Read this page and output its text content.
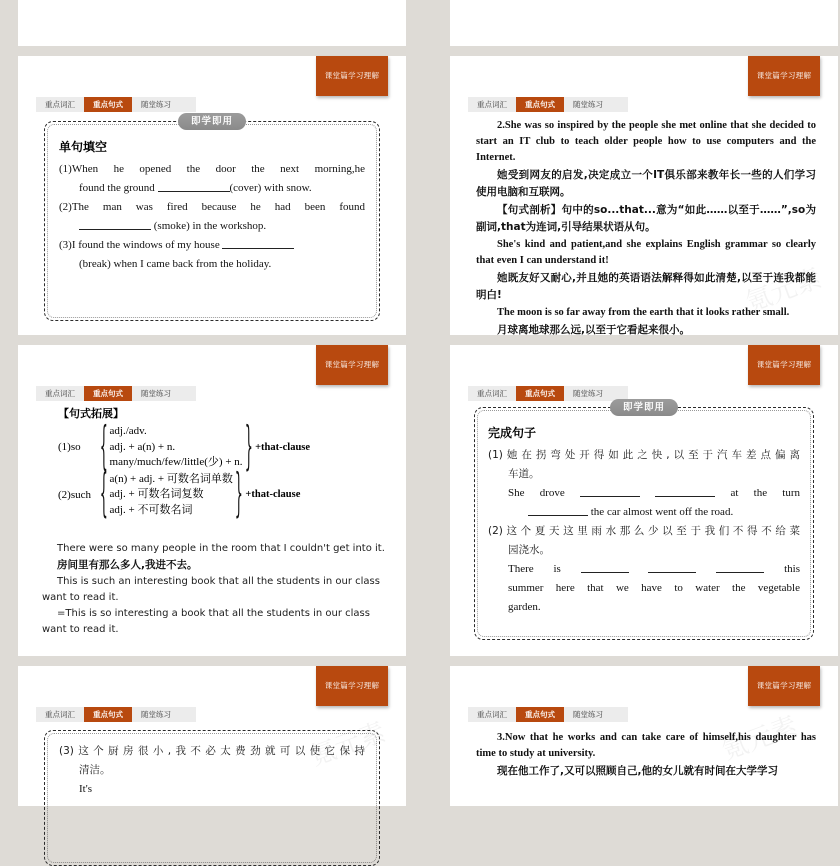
课堂篇学习理解
重点词汇	重点句式	随堂练习
即学即用
单句填空
(1)When he opened the door the next morning,he
found the ground	(cover) with snow.
(2)The man was fired because he had been found
(smoke) in the workshop.
(3)I found the windows of my house
(break) when I came back from the holiday.
课堂篇学习理解
重点词汇	重点句式	随堂练习
氪元素
2.She was so inspired by the people she met online that she decided to start an IT club to teach older people how to use computers and the Internet.
她受到网友的启发,决定成立一个IT俱乐部来教年长一些的人们学习使用电脑和互联网。
【句式剖析】句中的so...that...意为“如此……以至于……”,so为副词,that为连词,引导结果状语从句。
She's kind and patient,and she explains English grammar so clearly that even I can understand it!
她既友好又耐心,并且她的英语语法解释得如此清楚,以至于连我都能明白!
The moon is so far away from the earth that it looks rather small.
月球离地球那么远,以至于它看起来很小。
课堂篇学习理解
重点词汇	重点句式	随堂练习
【句式拓展】
(1)so	{ adj./adv.
adj. + a(n) + n.
many/much/few/little(少) + n. } +that-clause
(2)such { a(n) + adj. + 可数名词单数
adj. + 可数名词复数
adj. + 不可数名词	} +that-clause
There were so many people in the room that I couldn't get into it.
房间里有那么多人,我进不去。
This is such an interesting book that all the students in our class want to read it.
=This is so interesting a book that all the students in our class want to read it.
课堂篇学习理解
重点词汇	重点句式	随堂练习
即学即用
完成句子
(1)她在拐弯处开得如此之快,以至于汽车差点偏离
车道。
She drove	at the turn
the car almost went off the road.
(2)这个夏天这里雨水那么少以至于我们不得不给菜
园浇水。
There is	this
summer here that we have to water the vegetable
garden.
课堂篇学习理解
重点词汇	重点句式	随堂练习
氪元素
(3)这个厨房很小,我不必太费劲就可以使它保持
清洁。
It's
课堂篇学习理解
重点词汇	重点句式	随堂练习	氪元素
3.Now that he works and can take care of himself,his daughter has time to study at university.
现在他工作了,又可以照顾自己,他的女儿就有时间在大学学习
